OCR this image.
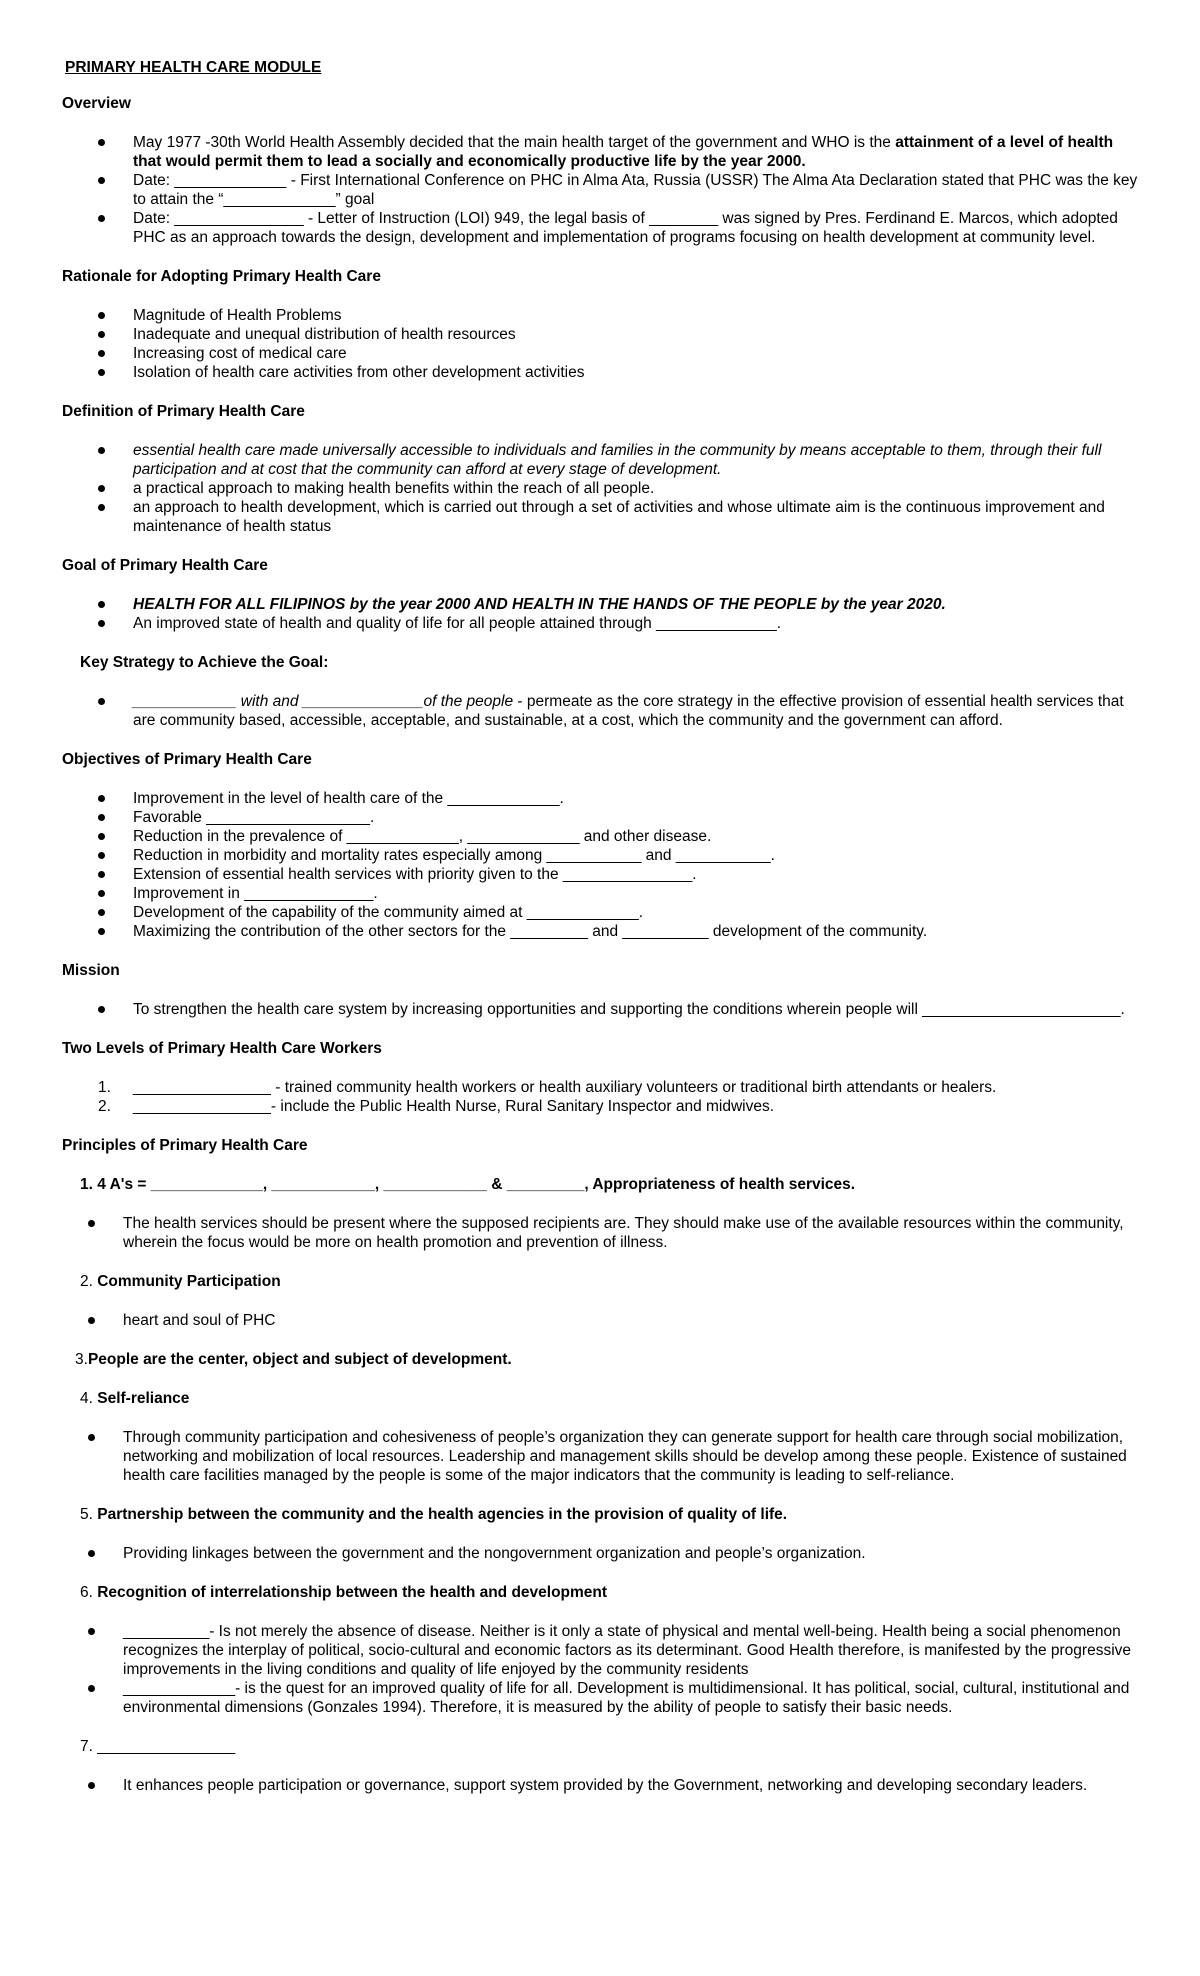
PRIMARY HEALTH CARE MODULE
Overview
May 1977 -30th World Health Assembly decided that the main health target of the government and WHO is the attainment of a level of health that would permit them to lead a socially and economically productive life by the year 2000.
Date: _____________ - First International Conference on PHC in Alma Ata, Russia (USSR) The Alma Ata Declaration stated that PHC was the key to attain the “_____________” goal
Date: _______________ - Letter of Instruction (LOI) 949, the legal basis of ________ was signed by Pres. Ferdinand E. Marcos, which adopted PHC as an approach towards the design, development and implementation of programs focusing on health development at community level.
Rationale for Adopting Primary Health Care
Magnitude of Health Problems
Inadequate and unequal distribution of health resources
Increasing cost of medical care
Isolation of health care activities from other development activities
Definition of Primary Health Care
essential health care made universally accessible to individuals and families in the community by means acceptable to them, through their full participation and at cost that the community can afford at every stage of development.
a practical approach to making health benefits within the reach of all people.
an approach to health development, which is carried out through a set of activities and whose ultimate aim is the continuous improvement and maintenance of health status
Goal of Primary Health Care
HEALTH FOR ALL FILIPINOS by the year 2000 AND HEALTH IN THE HANDS OF THE PEOPLE by the year 2020.
An improved state of health and quality of life for all people attained through ______________.
Key Strategy to Achieve the Goal:
____________ with and ______________of the people - permeate as the core strategy in the effective provision of essential health services that are community based, accessible, acceptable, and sustainable, at a cost, which the community and the government can afford.
Objectives of Primary Health Care
Improvement in the level of health care of the _____________.
Favorable ___________________.
Reduction in the prevalence of _____________, _____________ and other disease.
Reduction in morbidity and mortality rates especially among ___________ and ___________.
Extension of essential health services with priority given to the _______________.
Improvement in _______________.
Development of the capability of the community aimed at _____________.
Maximizing the contribution of the other sectors for the _________ and __________ development of the community.
Mission
To strengthen the health care system by increasing opportunities and supporting the conditions wherein people will _______________________.
Two Levels of Primary Health Care Workers
1. ________________ - trained community health workers or health auxiliary volunteers or traditional birth attendants or healers.
2. ________________- include the Public Health Nurse, Rural Sanitary Inspector and midwives.
Principles of Primary Health Care
1. 4 A's = _____________, ____________, ____________ & _________, Appropriateness of health services.
The health services should be present where the supposed recipients are. They should make use of the available resources within the community, wherein the focus would be more on health promotion and prevention of illness.
2. Community Participation
heart and soul of PHC
3.People are the center, object and subject of development.
4. Self-reliance
Through community participation and cohesiveness of people’s organization they can generate support for health care through social mobilization, networking and mobilization of local resources. Leadership and management skills should be develop among these people. Existence of sustained health care facilities managed by the people is some of the major indicators that the community is leading to self-reliance.
5. Partnership between the community and the health agencies in the provision of quality of life.
Providing linkages between the government and the nongovernment organization and people’s organization.
6. Recognition of interrelationship between the health and development
__________- Is not merely the absence of disease. Neither is it only a state of physical and mental well-being. Health being a social phenomenon recognizes the interplay of political, socio-cultural and economic factors as its determinant. Good Health therefore, is manifested by the progressive improvements in the living conditions and quality of life enjoyed by the community residents
_____________- is the quest for an improved quality of life for all. Development is multidimensional. It has political, social, cultural, institutional and environmental dimensions (Gonzales 1994). Therefore, it is measured by the ability of people to satisfy their basic needs.
7. ________________
It enhances people participation or governance, support system provided by the Government, networking and developing secondary leaders.
